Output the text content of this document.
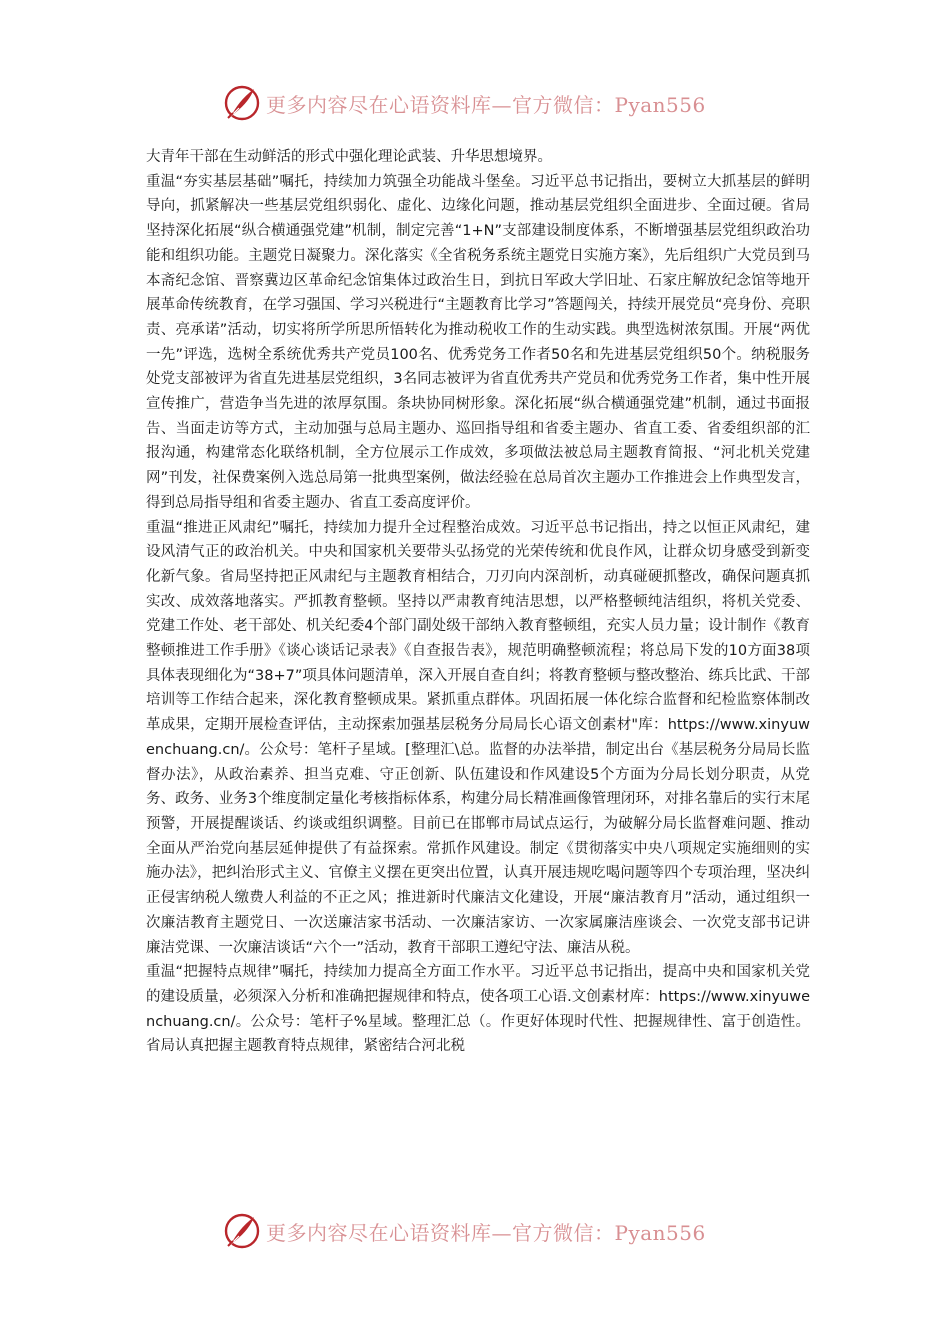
更多内容尽在心语资料库—官方微信：Pyan556

大青年干部在生动鲜活的形式中强化理论武装、升华思想境界。

重温“夯实基层基础”嘱托，持续加力筑强全功能战斗堡垒。习近平总书记指出，要树立大抓基层的鲜明导向，抓紧解决一些基层党组织弱化、虚化、边缘化问题，推动基层党组织全面进步、全面过硬。省局坚持深化拓展“纵合横通强党建”机制，制定完善“1+N”支部建设制度体系，不断增强基层党组织政治功能和组织功能。主题党日凝聚力。深化落实《全省税务系统主题党日实施方案》，先后组织广大党员到马本斋纪念馆、晋察冀边区革命纪念馆集体过政治生日，到抗日军政大学旧址、石家庄解放纪念馆等地开展革命传统教育，在学习强国、学习兴税进行“主题教育比学习”答题闯关，持续开展党员“亮身份、亮职责、亮承诺”活动，切实将所学所思所悟转化为推动税收工作的生动实践。典型选树浓氛围。开展“两优一先”评选，选树全系统优秀共产党员100名、优秀党务工作者50名和先进基层党组织50个。纳税服务处党支部被评为省直先进基层党组织，3名同志被评为省直优秀共产党员和优秀党务工作者，集中性开展宣传推广，营造争当先进的浓厚氛围。条块协同树形象。深化拓展“纵合横通强党建”机制，通过书面报告、当面走访等方式，主动加强与总局主题办、巡回指导组和省委主题办、省直工委、省委组织部的汇报沟通，构建常态化联络机制，全方位展示工作成效，多项做法被总局主题教育简报、“河北机关党建网”刊发，社保费案例入选总局第一批典型案例，做法经验在总局首次主题办工作推进会上作典型发言，得到总局指导组和省委主题办、省直工委高度评价。

重温“推进正风肃纪”嘱托，持续加力提升全过程整治成效。习近平总书记指出，持之以恒正风肃纪，建设风清气正的政治机关。中央和国家机关要带头弘扬党的光荣传统和优良作风，让群众切身感受到新变化新气象。省局坚持把正风肃纪与主题教育相结合，刀刃向内深剖析，动真碰硬抓整改，确保问题真抓实改、成效落地落实。严抓教育整顿。坚持以严肃教育纯洁思想，以严格整顿纯洁组织，将机关党委、党建工作处、老干部处、机关纪委4个部门副处级干部纳入教育整顿组，充实人员力量；设计制作《教育整顿推进工作手册》《谈心谈话记录表》《自查报告表》，规范明确整顿流程；将总局下发的10方面38项具体表现细化为“38+7”项具体问题清单，深入开展自查自纠；将教育整顿与整改整治、练兵比武、干部培训等工作结合起来，深化教育整顿成果。紧抓重点群体。巩固拓展一体化综合监督和纪检监察体制改革成果，定期开展检查评估，主动探索加强基层税务分局局长心语文创素材"库：https://www.xinyuwenchuang.cn/。公众号：笔杆子星域。[整理汇\总。监督的办法举措，制定出台《基层税务分局局长监督办法》，从政治素养、担当克难、守正创新、队伍建设和作风建设5个方面为分局长划分职责，从党务、政务、业务3个维度制定量化考核指标体系，构建分局长精准画像管理闭环，对排名靠后的实行末尾预警，开展提醒谈话、约谈或组织调整。目前已在邯郸市局试点运行，为破解分局长监督难问题、推动全面从严治党向基层延伸提供了有益探索。常抓作风建设。制定《贯彻落实中央八项规定实施细则的实施办法》，把纠治形式主义、官僚主义摆在更突出位置，认真开展违规吃喝问题等四个专项治理，坚决纠正侵害纳税人缴费人利益的不正之风；推进新时代廉洁文化建设，开展“廉洁教育月”活动，通过组织一次廉洁教育主题党日、一次送廉洁家书活动、一次廉洁家访、一次家属廉洁座谈会、一次党支部书记讲廉洁党课、一次廉洁谈话“六个一”活动，教育干部职工遵纪守法、廉洁从税。

重温“把握特点规律”嘱托，持续加力提高全方面工作水平。习近平总书记指出，提高中央和国家机关党的建设质量，必须深入分析和准确把握规律和特点，使各项工心语.文创素材库：https://www.xinyuwenchuang.cn/。公众号：笔杆子%星域。整理汇总（。作更好体现时代性、把握规律性、富于创造性。省局认真把握主题教育特点规律，紧密结合河北税

更多内容尽在心语资料库—官方微信：Pyan556
